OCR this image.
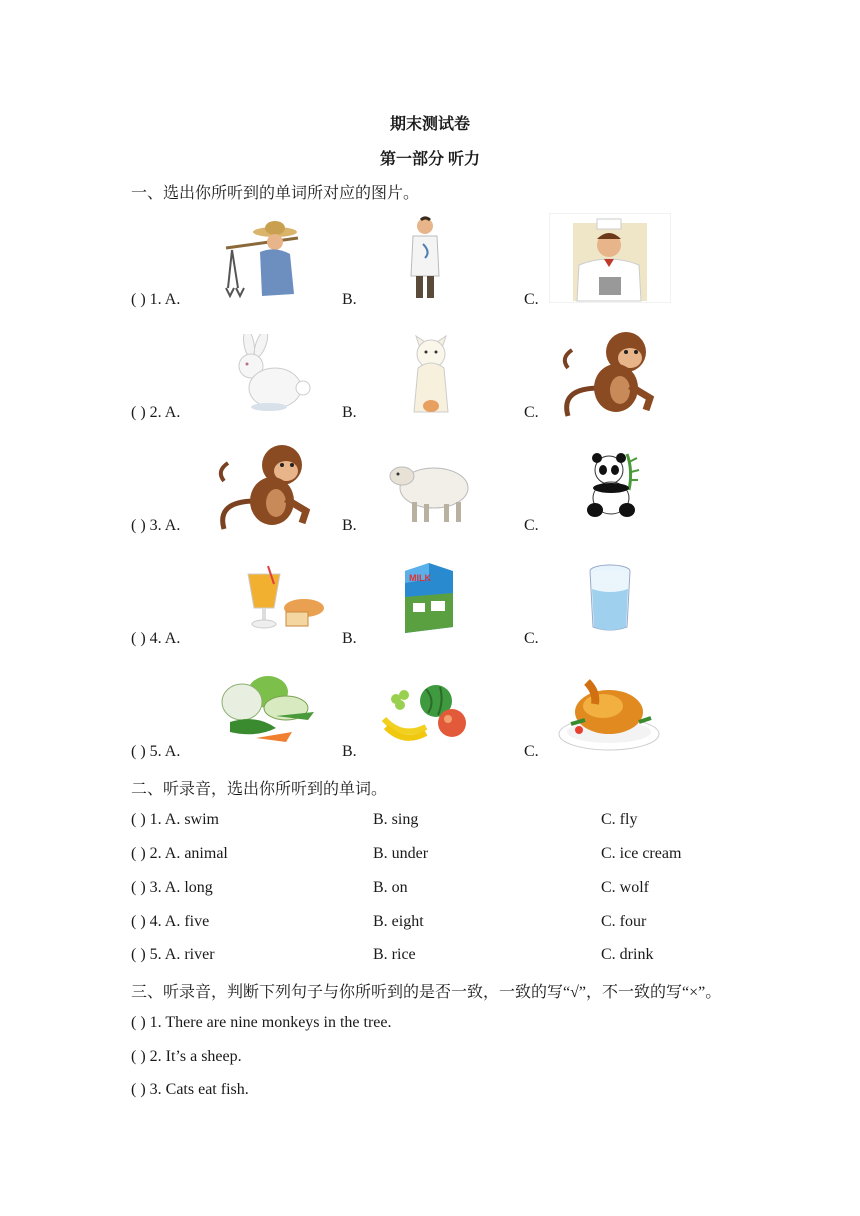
期末测试卷
第一部分 听力
一、选出你所听到的单词所对应的图片。
( ) 1. A.	B.	C.
( ) 2. A.	B.	C.
( ) 3. A.	B.	C.
( ) 4. A.	B.	C.
MILK
( ) 5. A.	B.	C.
二、听录音，选出你所听到的单词。
( ) 1. A. swim	B. sing	C. fly
( ) 2. A. animal	B. under	C. ice cream
( ) 3. A. long	B. on	C. wolf
( ) 4. A. five	B. eight	C. four
( ) 5. A. river	B. rice	C. drink
三、听录音，判断下列句子与你所听到的是否一致，一致的写“√”，不一致的写“×”。
( ) 1. There are nine monkeys in the tree.
( ) 2. It’s a sheep.
( ) 3. Cats eat fish.
